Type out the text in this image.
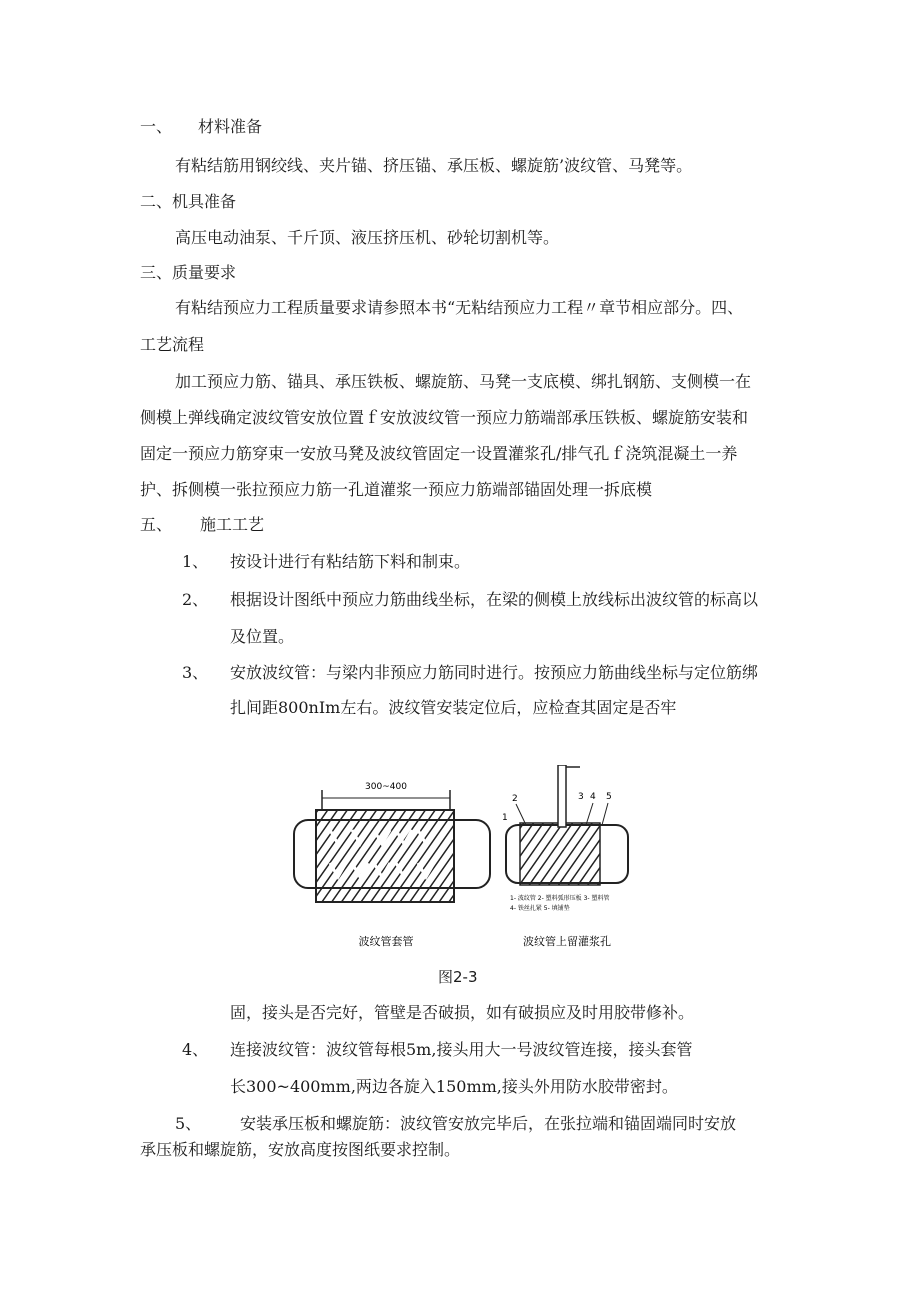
一、 材料准备
有粘结筋用钢绞线、夹片锚、挤压锚、承压板、螺旋筋’波纹管、马凳等。
二、机具准备
高压电动油泵、千斤顶、液压挤压机、砂轮切割机等。
三、质量要求
有粘结预应力工程质量要求请参照本书“无粘结预应力工程〃章节相应部分。四、
工艺流程
加工预应力筋、锚具、承压铁板、螺旋筋、马凳一支底模、绑扎钢筋、支侧模一在
侧模上弹线确定波纹管安放位置ｆ安放波纹管一预应力筋端部承压铁板、螺旋筋安装和
固定一预应力筋穿束一安放马凳及波纹管固定一设置灌浆孔/排气孔ｆ浇筑混凝土一养
护、拆侧模一张拉预应力筋一孔道灌浆一预应力筋端部锚固处理一拆底模
五、 施工工艺
1、 按设计进行有粘结筋下料和制束。
2、 根据设计图纸中预应力筋曲线坐标，在梁的侧模上放线标出波纹管的标高以
及位置。
3、 安放波纹管：与梁内非预应力筋同时进行。按预应力筋曲线坐标与定位筋绑
扎间距800nIm左右。波纹管安装定位后，应检查其固定是否牢
300~400
波纹管套管
1
2	3 4 5
1- 波纹管 2- 塑料弧形压板 3- 塑料管
4- 铁丝扎紧 5- 填铺垫
波纹管上留灌浆孔
图2-3
固，接头是否完好，管壁是否破损，如有破损应及时用胶带修补。
4、 连接波纹管：波纹管每根5m,接头用大一号波纹管连接，接头套管
长300~400mm,两边各旋入150mm,接头外用防水胶带密封。
5、 安装承压板和螺旋筋：波纹管安放完毕后，在张拉端和锚固端同时安放
承压板和螺旋筋，安放高度按图纸要求控制。
